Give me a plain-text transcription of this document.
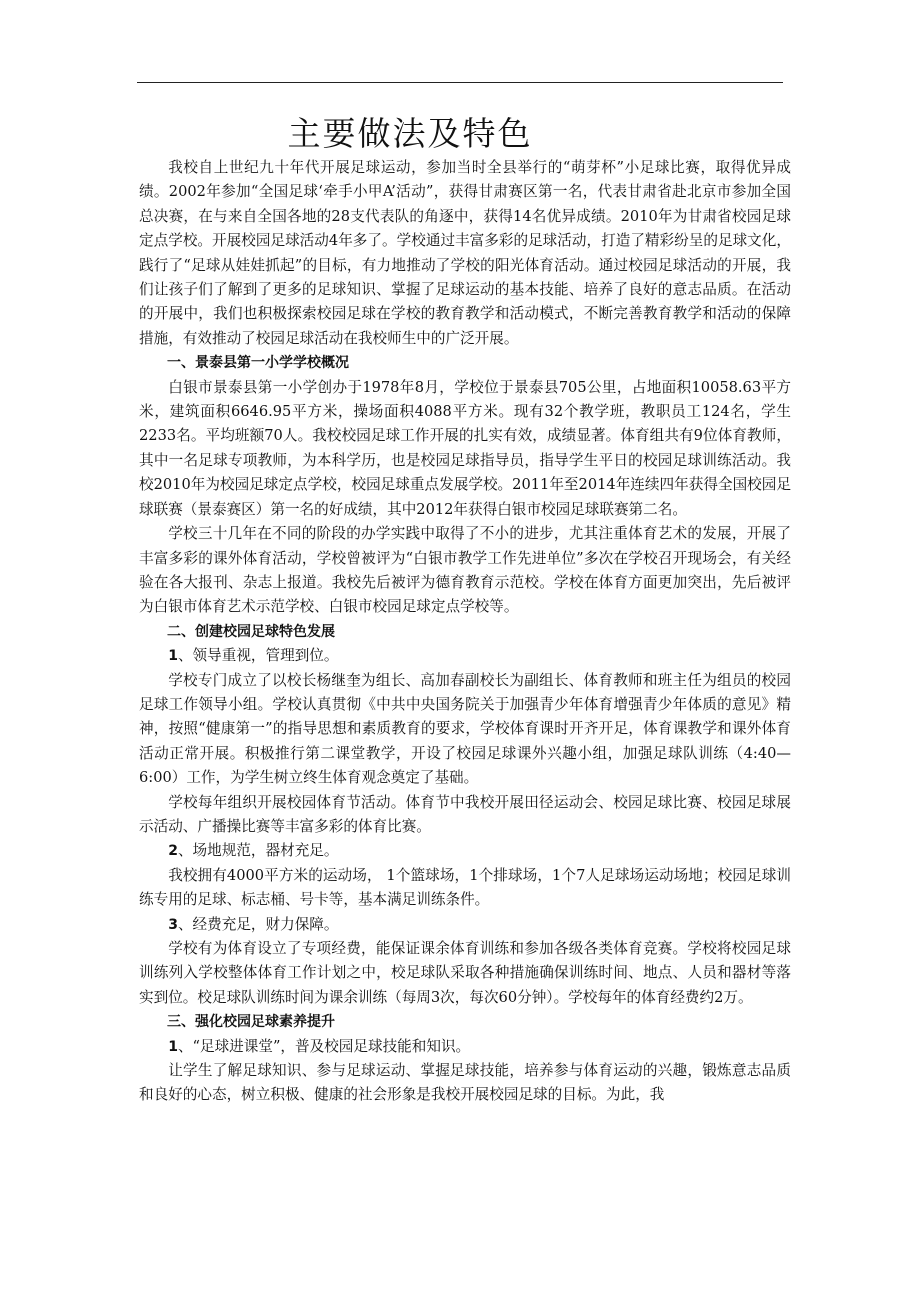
主要做法及特色

我校自上世纪九十年代开展足球运动，参加当时全县举行的“萌芽杯”小足球比赛，取得优异成绩。2002年参加“全国足球‘牵手小甲A’活动”，获得甘肃赛区第一名，代表甘肃省赴北京市参加全国总决赛，在与来自全国各地的28支代表队的角逐中，获得14名优异成绩。2010年为甘肃省校园足球定点学校。开展校园足球活动4年多了。学校通过丰富多彩的足球活动，打造了精彩纷呈的足球文化，践行了“足球从娃娃抓起”的目标，有力地推动了学校的阳光体育活动。通过校园足球活动的开展，我们让孩子们了解到了更多的足球知识、掌握了足球运动的基本技能、培养了良好的意志品质。在活动的开展中，我们也积极探索校园足球在学校的教育教学和活动模式，不断完善教育教学和活动的保障措施，有效推动了校园足球活动在我校师生中的广泛开展。

一、景泰县第一小学学校概况

白银市景泰县第一小学创办于1978年8月，学校位于景泰县705公里，占地面积10058.63平方米，建筑面积6646.95平方米，操场面积4088平方米。现有32个教学班，教职员工124名，学生2233名。平均班额70人。我校校园足球工作开展的扎实有效，成绩显著。体育组共有9位体育教师，其中一名足球专项教师，为本科学历，也是校园足球指导员，指导学生平日的校园足球训练活动。我校2010年为校园足球定点学校，校园足球重点发展学校。2011年至2014年连续四年获得全国校园足球联赛（景泰赛区）第一名的好成绩，其中2012年获得白银市校园足球联赛第二名。

学校三十几年在不同的阶段的办学实践中取得了不小的进步，尤其注重体育艺术的发展，开展了丰富多彩的课外体育活动，学校曾被评为“白银市教学工作先进单位”多次在学校召开现场会，有关经验在各大报刊、杂志上报道。我校先后被评为德育教育示范校。学校在体育方面更加突出，先后被评为白银市体育艺术示范学校、白银市校园足球定点学校等。

二、创建校园足球特色发展

1、领导重视，管理到位。

学校专门成立了以校长杨继奎为组长、高加春副校长为副组长、体育教师和班主任为组员的校园足球工作领导小组。学校认真贯彻《中共中央国务院关于加强青少年体育增强青少年体质的意见》精神，按照“健康第一”的指导思想和素质教育的要求，学校体育课时开齐开足，体育课教学和课外体育活动正常开展。积极推行第二课堂教学，开设了校园足球课外兴趣小组，加强足球队训练（4:40—6:00）工作，为学生树立终生体育观念奠定了基础。

学校每年组织开展校园体育节活动。体育节中我校开展田径运动会、校园足球比赛、校园足球展示活动、广播操比赛等丰富多彩的体育比赛。

2、场地规范，器材充足。

我校拥有4000平方米的运动场， 1个篮球场，1个排球场，1个7人足球场运动场地；校园足球训练专用的足球、标志桶、号卡等，基本满足训练条件。

3、经费充足，财力保障。

学校有为体育设立了专项经费，能保证课余体育训练和参加各级各类体育竞赛。学校将校园足球训练列入学校整体体育工作计划之中，校足球队采取各种措施确保训练时间、地点、人员和器材等落实到位。校足球队训练时间为课余训练（每周3次，每次60分钟）。学校每年的体育经费约2万。

三、强化校园足球素养提升

1、“足球进课堂”，普及校园足球技能和知识。

让学生了解足球知识、参与足球运动、掌握足球技能，培养参与体育运动的兴趣，锻炼意志品质和良好的心态，树立积极、健康的社会形象是我校开展校园足球的目标。为此，我
